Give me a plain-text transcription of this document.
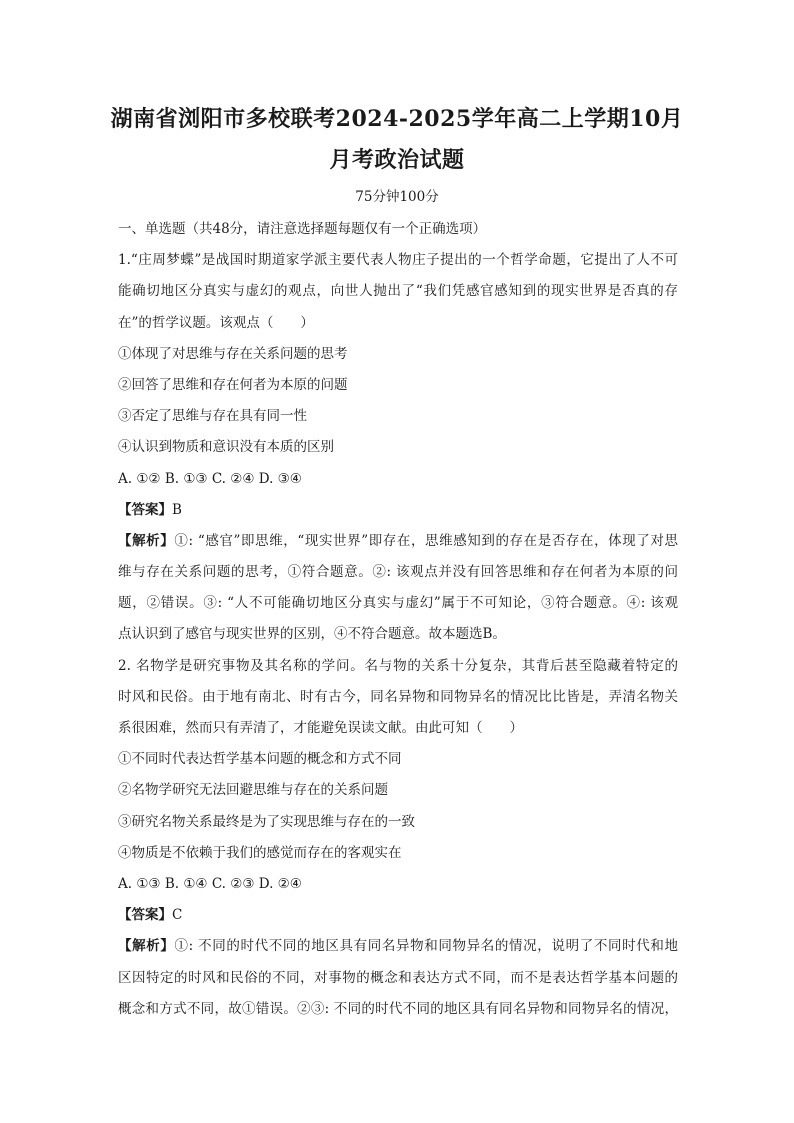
湖南省浏阳市多校联考2024-2025学年高二上学期10月
月考政治试题
75分钟100分
一、单选题（共48分，请注意选择题每题仅有一个正确选项）
1.“庄周梦蝶”是战国时期道家学派主要代表人物庄子提出的一个哲学命题，它提出了人不可
能确切地区分真实与虚幻的观点，向世人抛出了“我们凭感官感知到的现实世界是否真的存
在”的哲学议题。该观点（　　）
①体现了对思维与存在关系问题的思考
②回答了思维和存在何者为本原的问题
③否定了思维与存在具有同一性
④认识到物质和意识没有本质的区别
A. ①② B. ①③ C. ②④ D. ③④
【答案】B
【解析】①: “感官”即思维，“现实世界”即存在，思维感知到的存在是否存在，体现了对思
维与存在关系问题的思考，①符合题意。②: 该观点并没有回答思维和存在何者为本原的问
题，②错误。③: “人不可能确切地区分真实与虚幻”属于不可知论，③符合题意。④: 该观
点认识到了感官与现实世界的区别，④不符合题意。故本题选B。
2. 名物学是研究事物及其名称的学问。名与物的关系十分复杂，其背后甚至隐藏着特定的
时风和民俗。由于地有南北、时有古今，同名异物和同物异名的情况比比皆是，弄清名物关
系很困难，然而只有弄清了，才能避免误读文献。由此可知（　　）
①不同时代表达哲学基本问题的概念和方式不同
②名物学研究无法回避思维与存在的关系问题
③研究名物关系最终是为了实现思维与存在的一致
④物质是不依赖于我们的感觉而存在的客观实在
A. ①③ B. ①④ C. ②③ D. ②④
【答案】C
【解析】①: 不同的时代不同的地区具有同名异物和同物异名的情况，说明了不同时代和地
区因特定的时风和民俗的不同，对事物的概念和表达方式不同，而不是表达哲学基本问题的
概念和方式不同，故①错误。②③: 不同的时代不同的地区具有同名异物和同物异名的情况，
